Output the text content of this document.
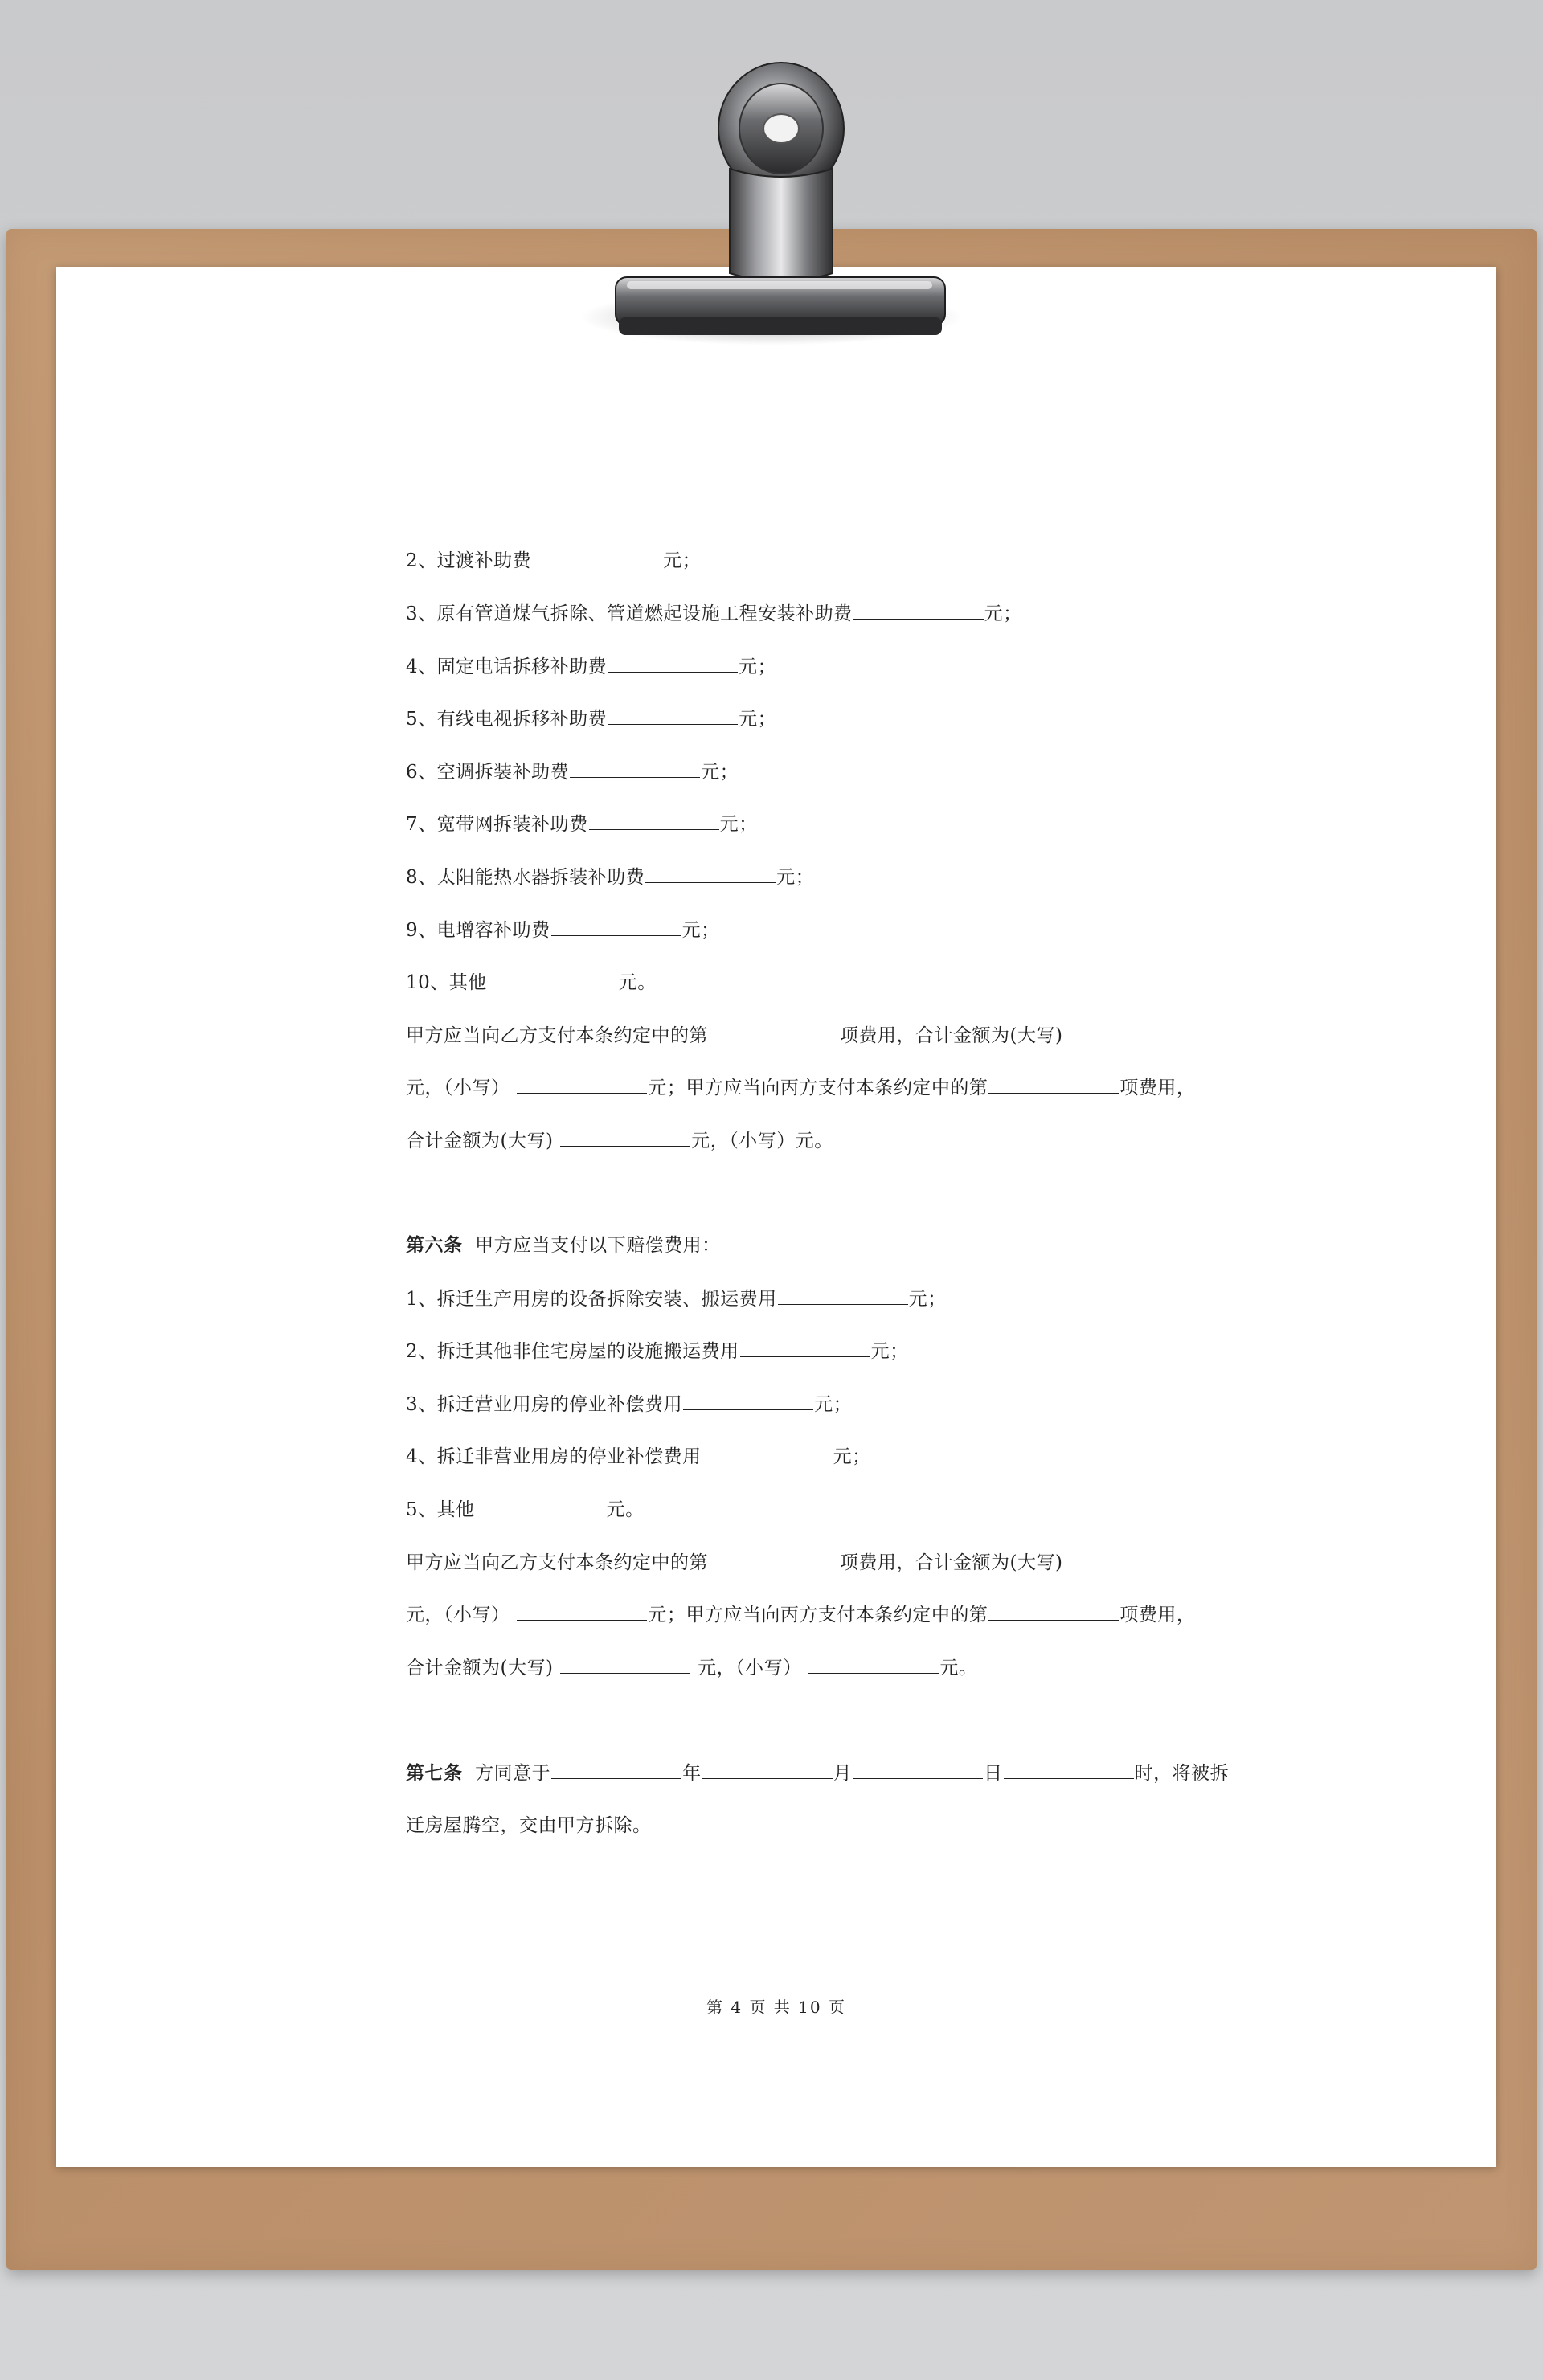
2、过渡补助费	元；
3、原有管道煤气拆除、管道燃起设施工程安装补助费	元；
4、固定电话拆移补助费	元；
5、有线电视拆移补助费	元；
6、空调拆装补助费	元；
7、宽带网拆装补助费	元；
8、太阳能热水器拆装补助费	元；
9、电增容补助费	元；
10、其他	元。
甲方应当向乙方支付本条约定中的第	项费用，合计金额为(大写)
元，（小写）	元；甲方应当向丙方支付本条约定中的第	项费用，
合计金额为(大写)	元，（小写）元。
第六条 甲方应当支付以下赔偿费用：
1、拆迁生产用房的设备拆除安装、搬运费用	元；
2、拆迁其他非住宅房屋的设施搬运费用	元；
3、拆迁营业用房的停业补偿费用	元；
4、拆迁非营业用房的停业补偿费用	元；
5、其他	元。
甲方应当向乙方支付本条约定中的第	项费用，合计金额为(大写)
元，（小写）	元；甲方应当向丙方支付本条约定中的第	项费用，
合计金额为(大写)	元，（小写）	元。
第七条 方同意于	年	月	日	时，将被拆
迁房屋腾空，交由甲方拆除。
第 4 页 共 10 页
